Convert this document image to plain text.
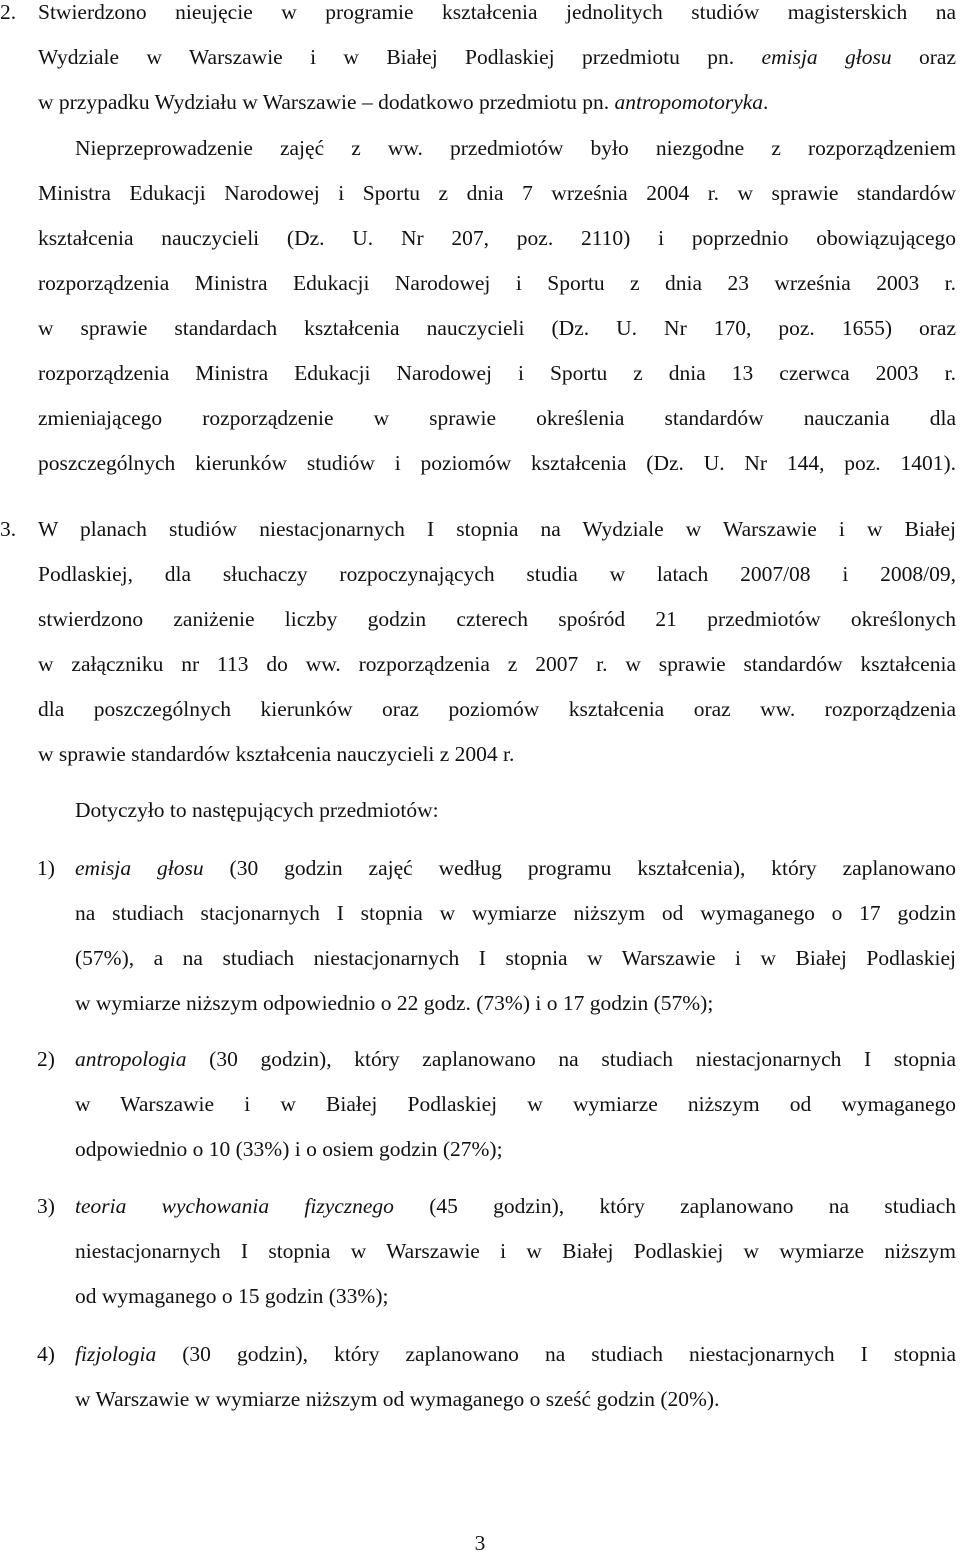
2.	Stwierdzono nieujęcie w programie kształcenia jednolitych studiów magisterskich na
Wydziale w Warszawie i w Białej Podlaskiej przedmiotu pn. emisja głosu oraz
w przypadku Wydziału w Warszawie – dodatkowo przedmiotu pn. antropomotoryka.
Nieprzeprowadzenie zajęć z ww. przedmiotów było niezgodne z rozporządzeniem
Ministra Edukacji Narodowej i Sportu z dnia 7 września 2004 r. w sprawie standardów
kształcenia nauczycieli (Dz. U. Nr 207, poz. 2110) i poprzednio obowiązującego
rozporządzenia Ministra Edukacji Narodowej i Sportu z dnia 23 września 2003 r.
w sprawie standardach kształcenia nauczycieli (Dz. U. Nr 170, poz. 1655) oraz
rozporządzenia Ministra Edukacji Narodowej i Sportu z dnia 13 czerwca 2003 r.
zmieniającego rozporządzenie w sprawie określenia standardów nauczania dla
poszczególnych kierunków studiów i poziomów kształcenia (Dz. U. Nr 144, poz. 1401).
3.	W planach studiów niestacjonarnych I stopnia na Wydziale w Warszawie i w Białej
Podlaskiej, dla słuchaczy rozpoczynających studia w latach 2007/08 i 2008/09,
stwierdzono zaniżenie liczby godzin czterech spośród 21 przedmiotów określonych
w załączniku nr 113 do ww. rozporządzenia z 2007 r. w sprawie standardów kształcenia
dla poszczególnych kierunków oraz poziomów kształcenia oraz ww. rozporządzenia
w sprawie standardów kształcenia nauczycieli z 2004 r.
Dotyczyło to następujących przedmiotów:
1) emisja głosu (30 godzin zajęć według programu kształcenia), który zaplanowano
na studiach stacjonarnych I stopnia w wymiarze niższym od wymaganego o 17 godzin
(57%), a na studiach niestacjonarnych I stopnia w Warszawie i w Białej Podlaskiej
w wymiarze niższym odpowiednio o 22 godz. (73%) i o 17 godzin (57%);
2) antropologia (30 godzin), który zaplanowano na studiach niestacjonarnych I stopnia
w Warszawie i w Białej Podlaskiej w wymiarze niższym od wymaganego
odpowiednio o 10 (33%) i o osiem godzin (27%);
3) teoria wychowania fizycznego (45 godzin), który zaplanowano na studiach
niestacjonarnych I stopnia w Warszawie i w Białej Podlaskiej w wymiarze niższym
od wymaganego o 15 godzin (33%);
4) fizjologia (30 godzin), który zaplanowano na studiach niestacjonarnych I stopnia
w Warszawie w wymiarze niższym od wymaganego o sześć godzin (20%).
3
